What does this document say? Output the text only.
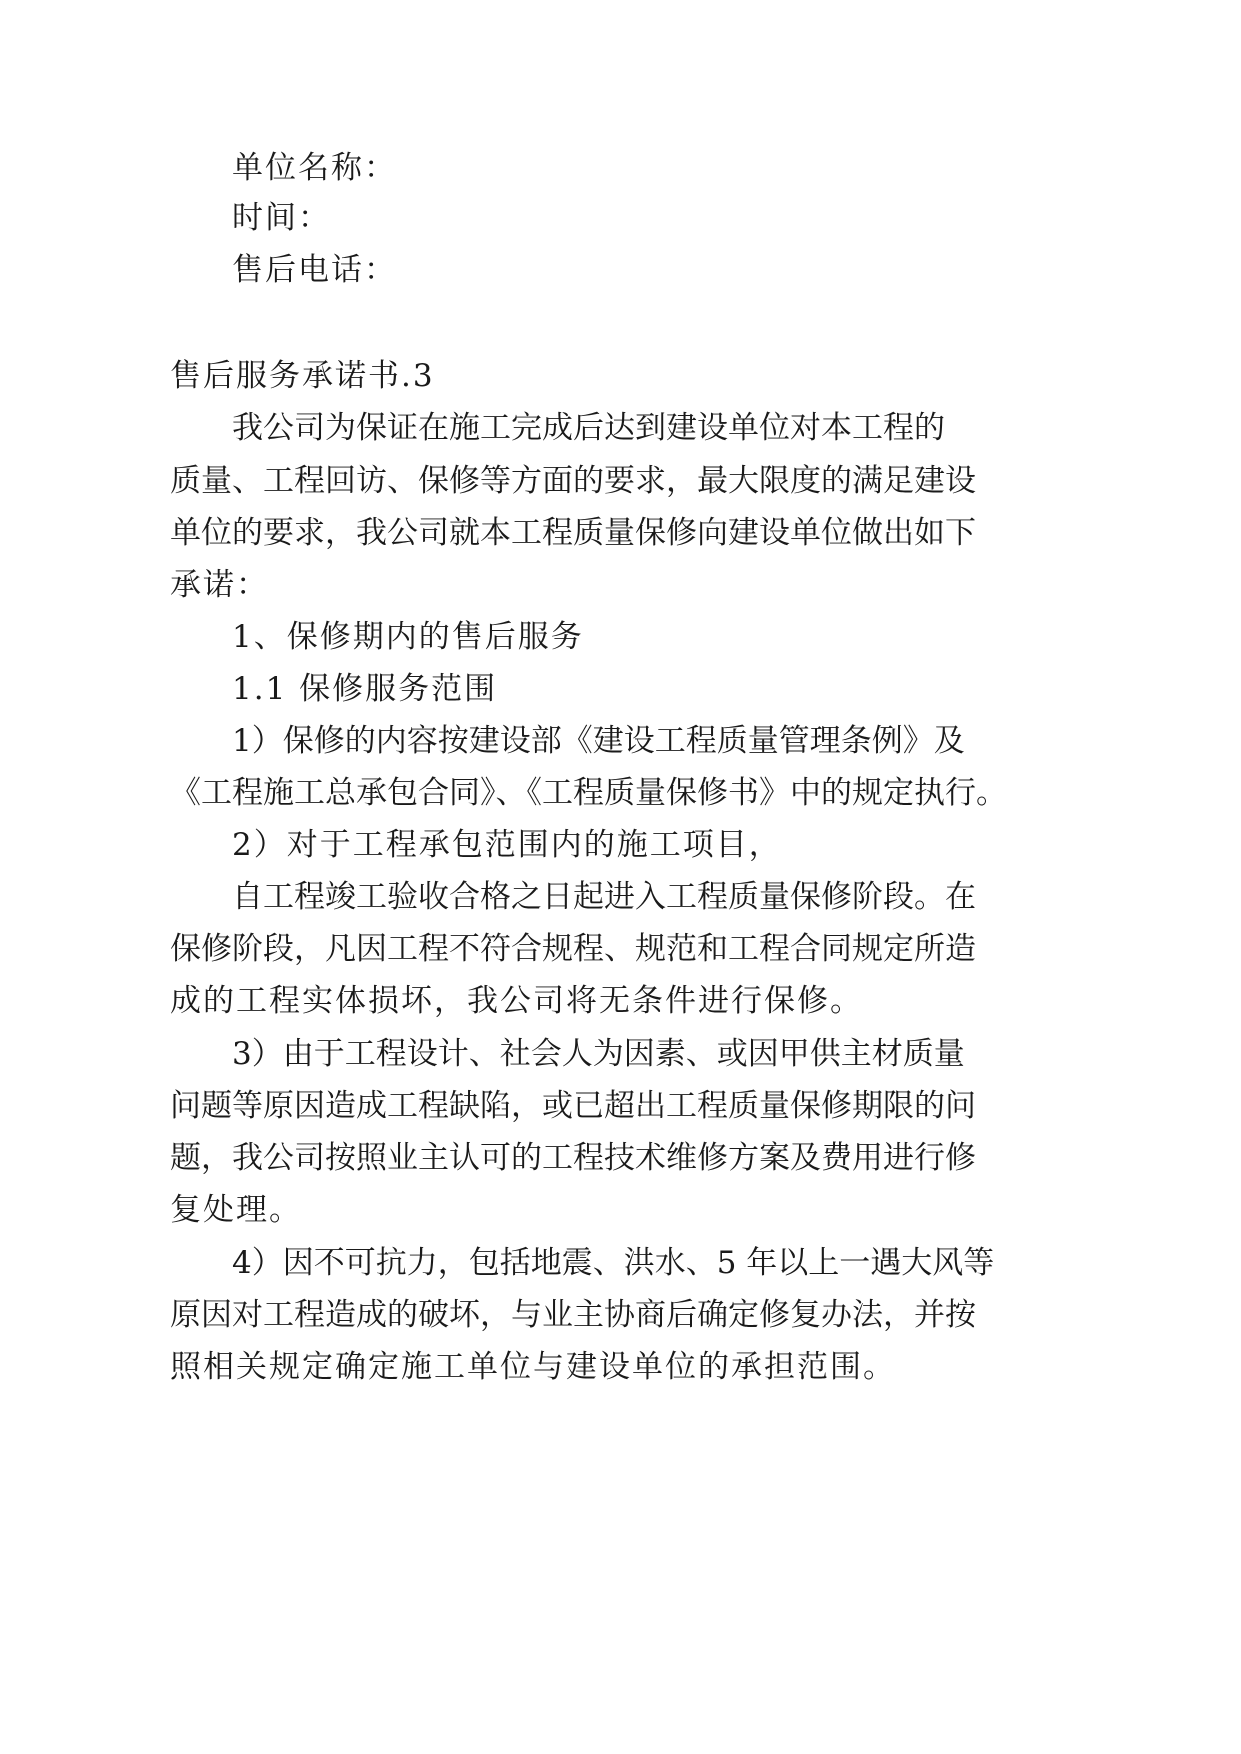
单位名称：
时间：
售后电话：
售后服务承诺书.3
我公司为保证在施工完成后达到建设单位对本工程的
质量、工程回访、保修等方面的要求，最大限度的满足建设
单位的要求，我公司就本工程质量保修向建设单位做出如下
承诺：
1、保修期内的售后服务
1.1 保修服务范围
1）保修的内容按建设部《建设工程质量管理条例》及
《工程施工总承包合同》、《工程质量保修书》中的规定执行。
2）对于工程承包范围内的施工项目，
自工程竣工验收合格之日起进入工程质量保修阶段。在
保修阶段，凡因工程不符合规程、规范和工程合同规定所造
成的工程实体损坏，我公司将无条件进行保修。
3）由于工程设计、社会人为因素、或因甲供主材质量
问题等原因造成工程缺陷，或已超出工程质量保修期限的问
题，我公司按照业主认可的工程技术维修方案及费用进行修
复处理。
4）因不可抗力，包括地震、洪水、5 年以上一遇大风等
原因对工程造成的破坏，与业主协商后确定修复办法，并按
照相关规定确定施工单位与建设单位的承担范围。
